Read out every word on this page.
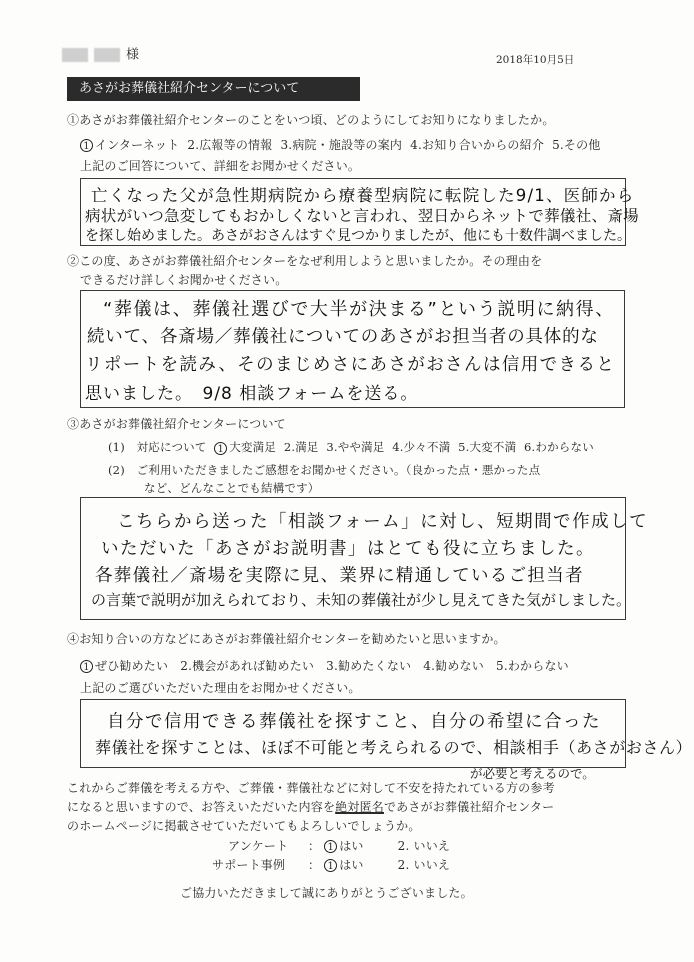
様	2018年10月5日
あさがお葬儀社紹介センターについて
①あさがお葬儀社紹介センターのことをいつ頃、どのようにしてお知りになりましたか。
1 インターネット 2.広報等の情報 3.病院・施設等の案内 4.お知り合いからの紹介 5.その他
上記のご回答について、詳細をお聞かせください。
亡くなった父が急性期病院から療養型病院に転院した9/1、医師から
病状がいつ急変してもおかしくないと言われ、翌日からネットで葬儀社、斎場
を探し始めました。あさがおさんはすぐ見つかりましたが、他にも十数件調べました。
②この度、あさがお葬儀社紹介センターをなぜ利用しようと思いましたか。その理由を
できるだけ詳しくお聞かせください。
“葬儀は、葬儀社選びで大半が決まる”という説明に納得、
続いて、各斎場／葬儀社についてのあさがお担当者の具体的な
リポートを読み、そのまじめさにあさがおさんは信用できると
思いました。　9/8 相談フォームを送る。
③あさがお葬儀社紹介センターについて
(1)　対応について 1 大変満足 2.満足 3.やや満足 4.少々不満 5.大変不満 6.わからない
(2)　ご利用いただきましたご感想をお聞かせください。（良かった点・悪かった点
など、どんなことでも結構です）
こちらから送った「相談フォーム」に対し、短期間で作成して
いただいた「あさがお説明書」はとても役に立ちました。
各葬儀社／斎場を実際に見、業界に精通しているご担当者
の言葉で説明が加えられており、未知の葬儀社が少し見えてきた気がしました。
④お知り合いの方などにあさがお葬儀社紹介センターを勧めたいと思いますか。
1 ぜひ勧めたい 2.機会があれば勧めたい 3.勧めたくない 4.勧めない 5.わからない
上記のご選びいただいた理由をお聞かせください。
自分で信用できる葬儀社を探すこと、自分の希望に合った
葬儀社を探すことは、ほぼ不可能と考えられるので、相談相手（あさがおさん）
が必要と考えるので。
これからご葬儀を考える方や、ご葬儀・葬儀社などに対して不安を持たれている方の参考
になると思いますので、お答えいただいた内容を絶対匿名であさがお葬儀社紹介センター
のホームページに掲載させていただいてもよろしいでしょうか。
アンケート ： 1 はい	2. いいえ
サポート事例 ： 1 はい	2. いいえ
ご協力いただきまして誠にありがとうございました。
